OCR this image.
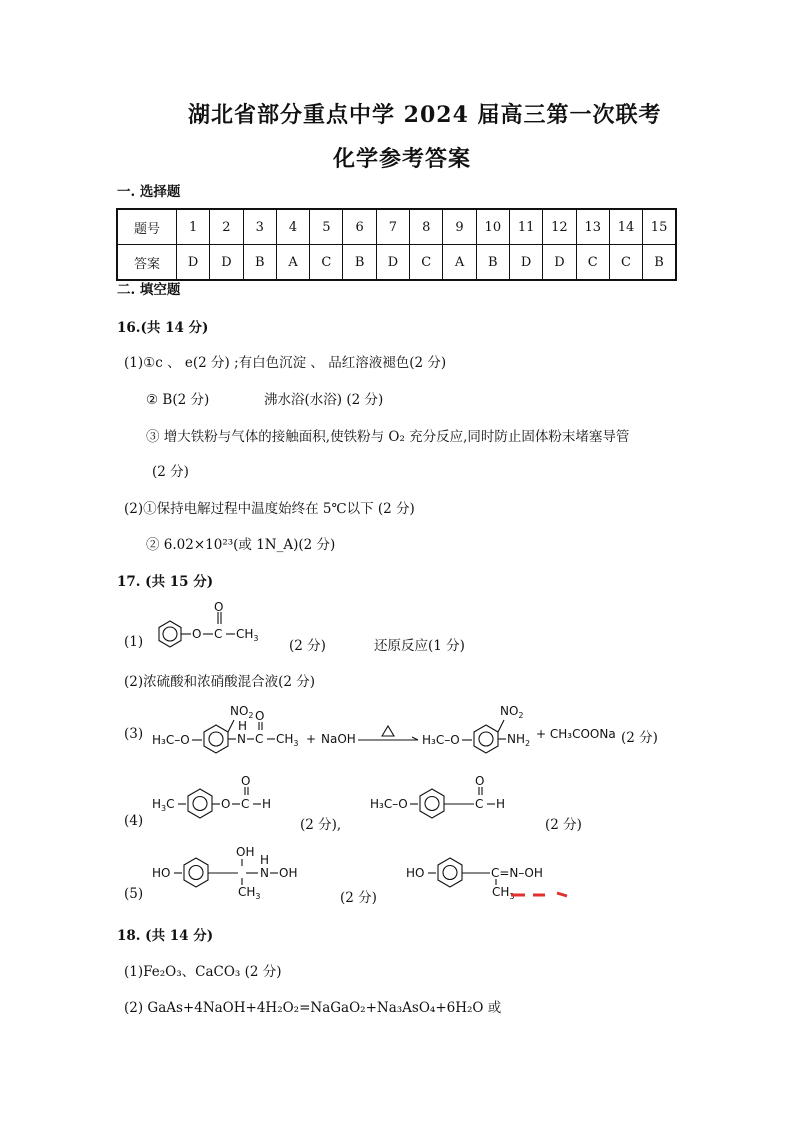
湖北省部分重点中学 2024 届高三第一次联考
化学参考答案
一. 选择题
题号	1	2	3	4	5	6	7	8	9	10	11	12	13	14	15
答案	D	D	B	A	C	B	D	C	A	B	D	D	C	C	B
二. 填空题
16.(共 14 分)
(1)①c 、 e(2 分) ;有白色沉淀 、 品红溶液褪色(2 分)
② B(2 分)	沸水浴(水浴) (2 分)
③ 增大铁粉与气体的接触面积,使铁粉与 O₂ 充分反应,同时防止固体粉末堵塞导管
(2 分)
(2)①保持电解过程中温度始终在 5℃以下 (2 分)
② 6.02×10²³(或 1N_A)(2 分)
17. (共 15 分)
(1)	O C
O
$CH_3$ (2 分)	还原反应(1 分)
(2)浓硫酸和浓硝酸混合液(2 分)
(3) H₃C–O
$NO_2$
N
H
C
O
$CH_3$ + NaOH	H₃C–O
$NO_2$
$NH_2$
+ CH₃COONa (2 分)
(4)
$H_3C$	O C
O
H
(2 分),
H₃C–O	C
O
H
(2 分)
(5)
HO
OH
$CH_3$
N
H
OH
(2 分)
HO	C=N–OH
$CH_3$
18. (共 14 分)
(1)Fe₂O₃、CaCO₃ (2 分)
(2) GaAs+4NaOH+4H₂O₂=NaGaO₂+Na₃AsO₄+6H₂O 或
